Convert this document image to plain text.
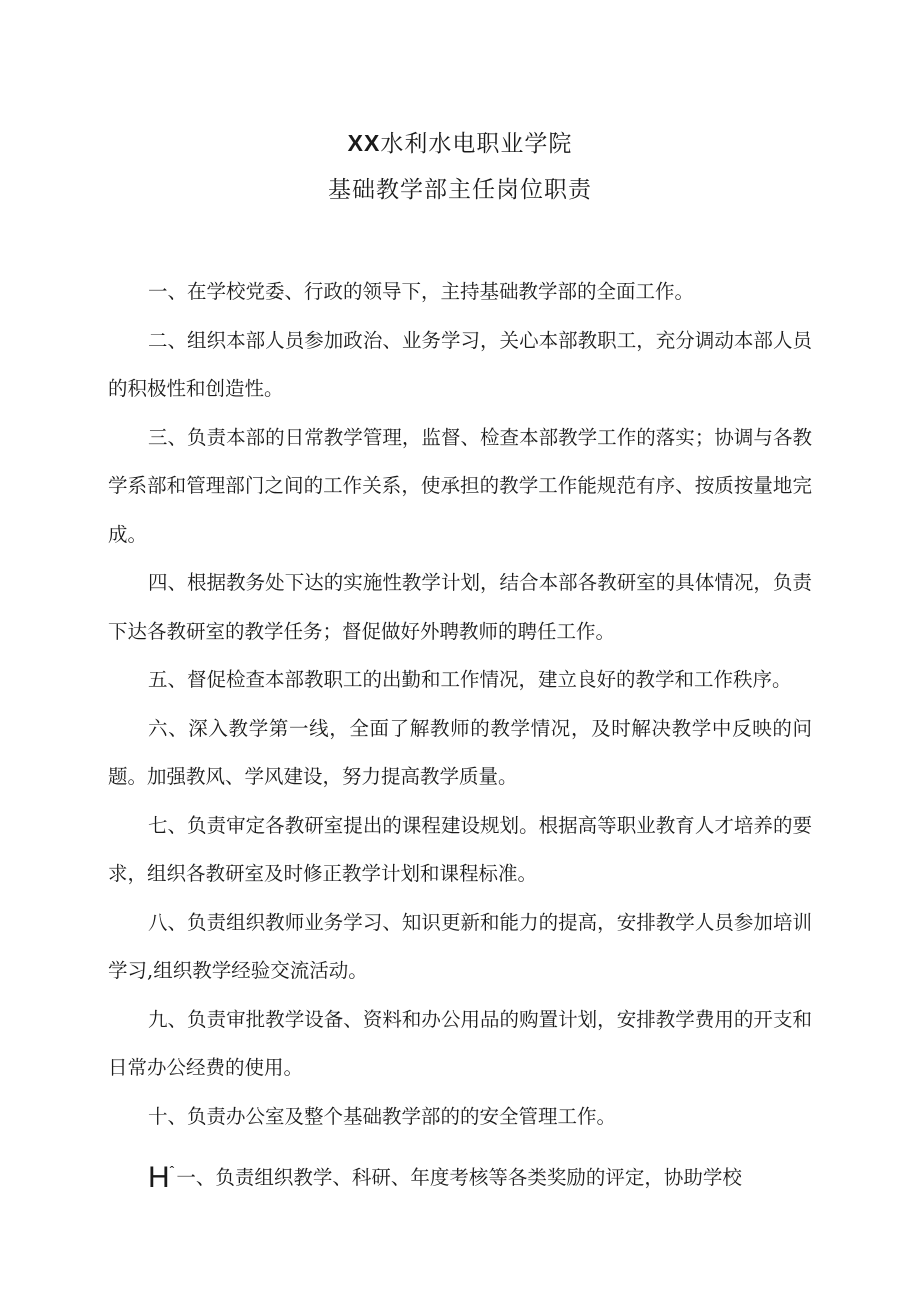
XX水利水电职业学院
基础教学部主任岗位职责

一、在学校党委、行政的领导下，主持基础教学部的全面工作。

二、组织本部人员参加政治、业务学习，关心本部教职工，充分调动本部人员的积极性和创造性。

三、负责本部的日常教学管理，监督、检查本部教学工作的落实；协调与各教学系部和管理部门之间的工作关系，使承担的教学工作能规范有序、按质按量地完成。

四、根据教务处下达的实施性教学计划，结合本部各教研室的具体情况，负责下达各教研室的教学任务；督促做好外聘教师的聘任工作。

五、督促检查本部教职工的出勤和工作情况，建立良好的教学和工作秩序。

六、深入教学第一线，全面了解教师的教学情况，及时解决教学中反映的问题。加强教风、学风建设，努力提高教学质量。

七、负责审定各教研室提出的课程建设规划。根据高等职业教育人才培养的要求，组织各教研室及时修正教学计划和课程标准。

八、负责组织教师业务学习、知识更新和能力的提高，安排教学人员参加培训学习,组织教学经验交流活动。

九、负责审批教学设备、资料和办公用品的购置计划，安排教学费用的开支和日常办公经费的使用。

十、负责办公室及整个基础教学部的的安全管理工作。

$H^ˆ$ 一、负责组织教学、科研、年度考核等各类奖励的评定，协助学校
